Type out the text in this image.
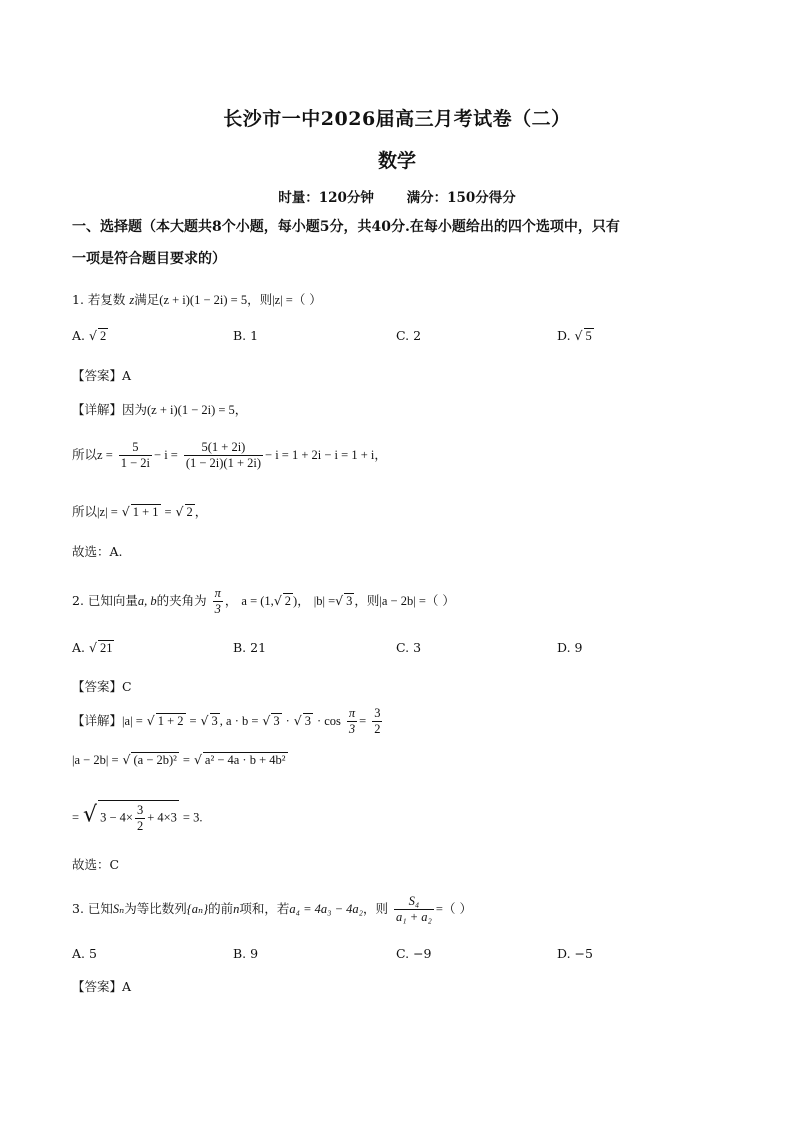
长沙市一中2026届高三月考试卷（二）
数学
时量：120分钟 满分：150分得分
一、选择题（本大题共8个小题，每小题5分，共40分.在每小题给出的四个选项中，只有
一项是符合题目要求的）
1. 若复数 z满足(z + i)(1 − 2i) = 5，则|z| =（ ）
A. √ 2	B. 1	C. 2	D. √ 5
【答案】A
【详解】因为(z + i)(1 − 2i) = 5，
所以$z = \frac{5}{1 - 2i} - i = \frac{5(1 + 2i)}{(1 - 2i)(1 + 2i)} - i = 1 + 2i - i = 1 + i$，
所以|z| = √ 1 + 1 = √ 2 ，
故选：A.
2. 已知向量a, b的夹角为 $\frac{\pi}{3}$ ， a = (1,√ 2 )， |b| =√ 3 ，则|a − 2b| =（ ）
A. √ 21	B. 21	C. 3	D. 9
【答案】C
【详解】|a| = √ 1 + 2 = √ 3 , a · b = √ 3 · √ $3 \cdot \cos \frac{\pi}{3} = \frac{3}{2}$
|a − 2b| = √ (a − 2b)² = √ a² − 4a · b + 4b²
= √ $3 - 4\times \frac{3}{2} + 4\times 3 = 3$.
故选：C
3. 已知Sₙ为等比数列{aₙ}的前n项和，若a₄ = 4a₃ − 4a₂，则 $\frac{\text{S₄}}{\text{a₁ + a₂}}$ =（ ）
A. 5	B. 9	C. −9	D. −5
【答案】A
